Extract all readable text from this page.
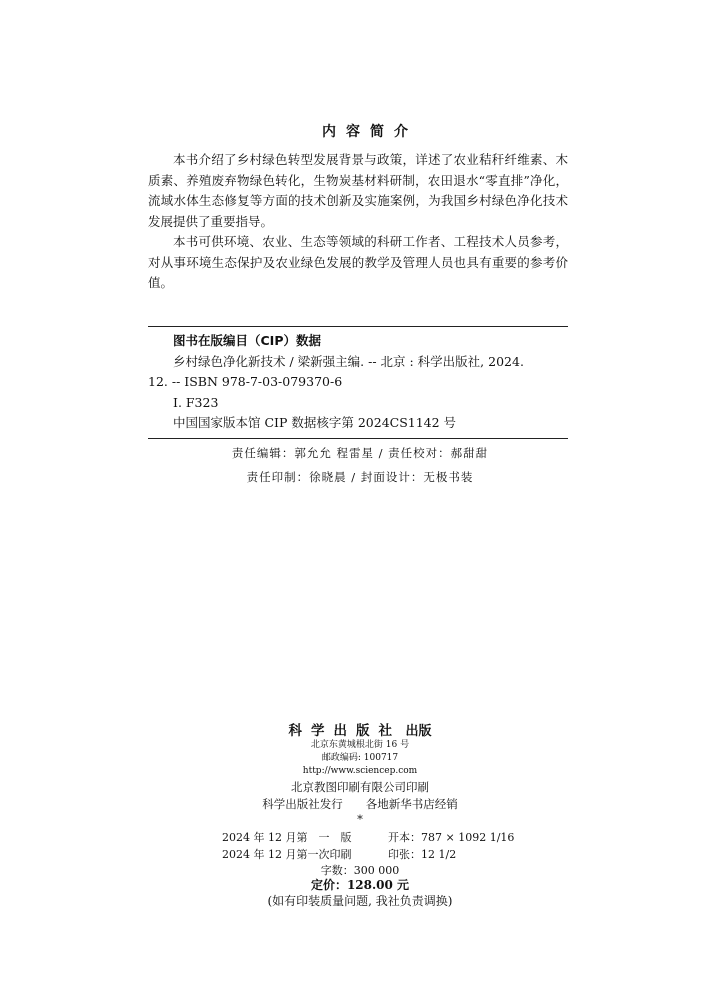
内容简介

本书介绍了乡村绿色转型发展背景与政策，详述了农业秸秆纤维素、木质素、养殖废弃物绿色转化，生物炭基材料研制，农田退水“零直排”净化，流域水体生态修复等方面的技术创新及实施案例，为我国乡村绿色净化技术发展提供了重要指导。

本书可供环境、农业、生态等领域的科研工作者、工程技术人员参考，对从事环境生态保护及农业绿色发展的教学及管理人员也具有重要的参考价值。

图书在版编目（CIP）数据
乡村绿色净化新技术 / 梁新强主编. -- 北京 : 科学出版社, 2024.
12. -- ISBN 978-7-03-079370-6
Ⅰ. F323
中国国家版本馆 CIP 数据核字第 2024CS1142 号
责任编辑：郭允允 程雷星 / 责任校对：郝甜甜
责任印制：徐晓晨 / 封面设计：无极书装
科学出版社 出版
北京东黄城根北街 16 号
邮政编码: 100717
http://www.sciencep.com
北京教图印刷有限公司印刷
科学出版社发行　　各地新华书店经销
*
2024 年 12 月第　一　版	开本：787 × 1092 1/16
2024 年 12 月第一次印刷	印张：12 1/2
字数：300 000
定价：128.00 元
(如有印装质量问题, 我社负责调换)
